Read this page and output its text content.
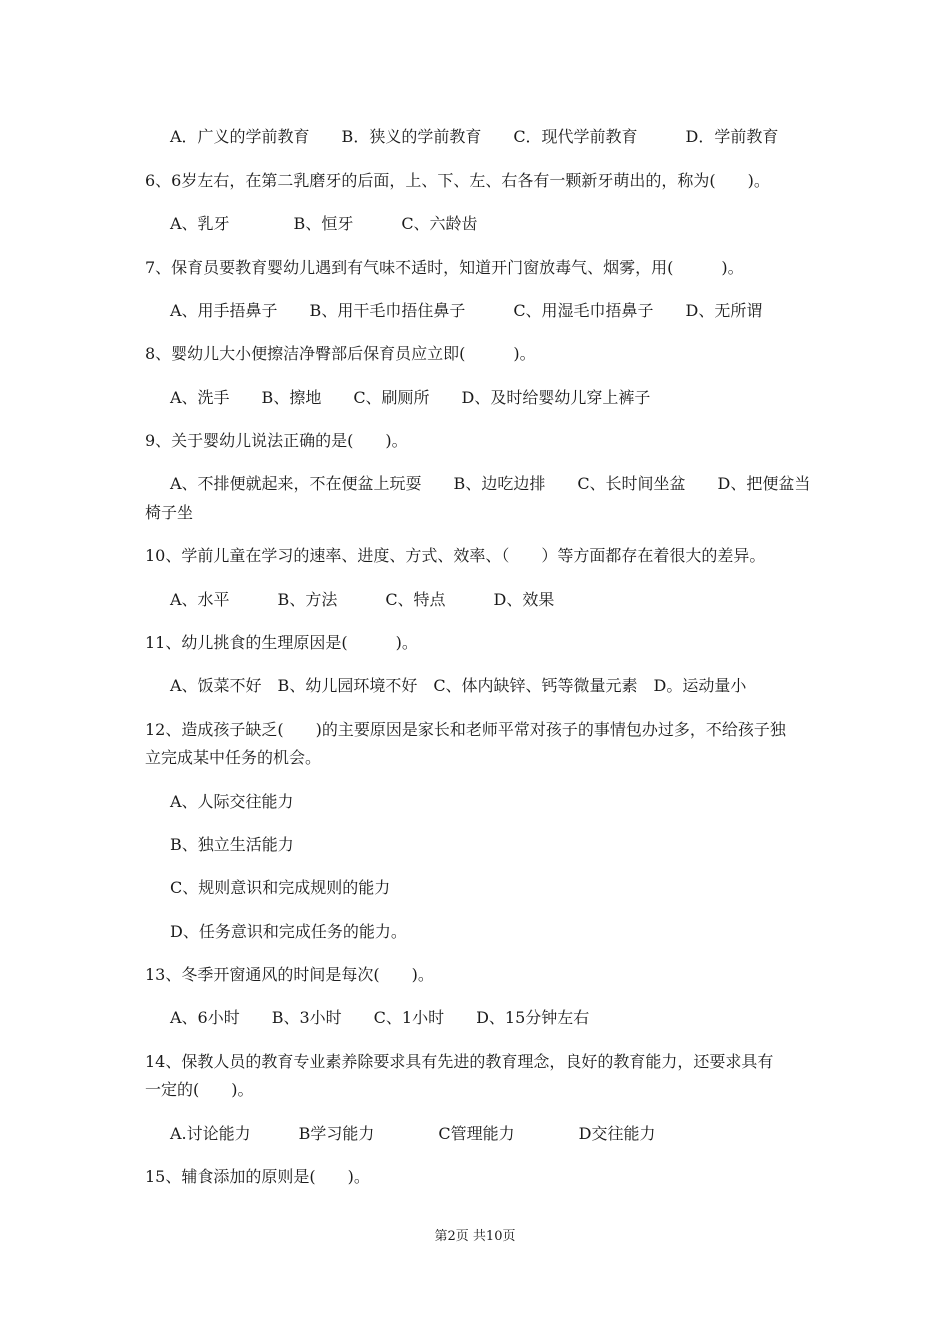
A．广义的学前教育　　B．狭义的学前教育　　C．现代学前教育　　　D．学前教育
6、6岁左右，在第二乳磨牙的后面，上、下、左、右各有一颗新牙萌出的，称为(　　)。
A、乳牙　　　　B、恒牙　　　C、六龄齿
7、保育员要教育婴幼儿遇到有气味不适时，知道开门窗放毒气、烟雾，用(　　　)。
A、用手捂鼻子　　B、用干毛巾捂住鼻子　　　C、用湿毛巾捂鼻子　　D、无所谓
8、婴幼儿大小便擦洁净臀部后保育员应立即(　　　)。
A、洗手　　B、擦地　　C、刷厕所　　D、及时给婴幼儿穿上裤子
9、关于婴幼儿说法正确的是(　　)。
A、不排便就起来，不在便盆上玩耍　　B、边吃边排　　C、长时间坐盆　　D、把便盆当
椅子坐
10、学前儿童在学习的速率、进度、方式、效率、（　　）等方面都存在着很大的差异。
A、水平　　　B、方法　　　C、特点　　　D、效果
11、幼儿挑食的生理原因是(　　　)。
A、饭菜不好　B、幼儿园环境不好　C、体内缺锌、钙等微量元素　D。运动量小
12、造成孩子缺乏(　　)的主要原因是家长和老师平常对孩子的事情包办过多，不给孩子独
立完成某中任务的机会。
A、人际交往能力
B、独立生活能力
C、规则意识和完成规则的能力
D、任务意识和完成任务的能力。
13、冬季开窗通风的时间是每次(　　)。
A、6小时　　B、3小时　　C、1小时　　D、15分钟左右
14、保教人员的教育专业素养除要求具有先进的教育理念，良好的教育能力，还要求具有
一定的(　　)。
A.讨论能力　　　B学习能力　　　　C管理能力　　　　D交往能力
15、辅食添加的原则是(　　)。
第2页 共10页
